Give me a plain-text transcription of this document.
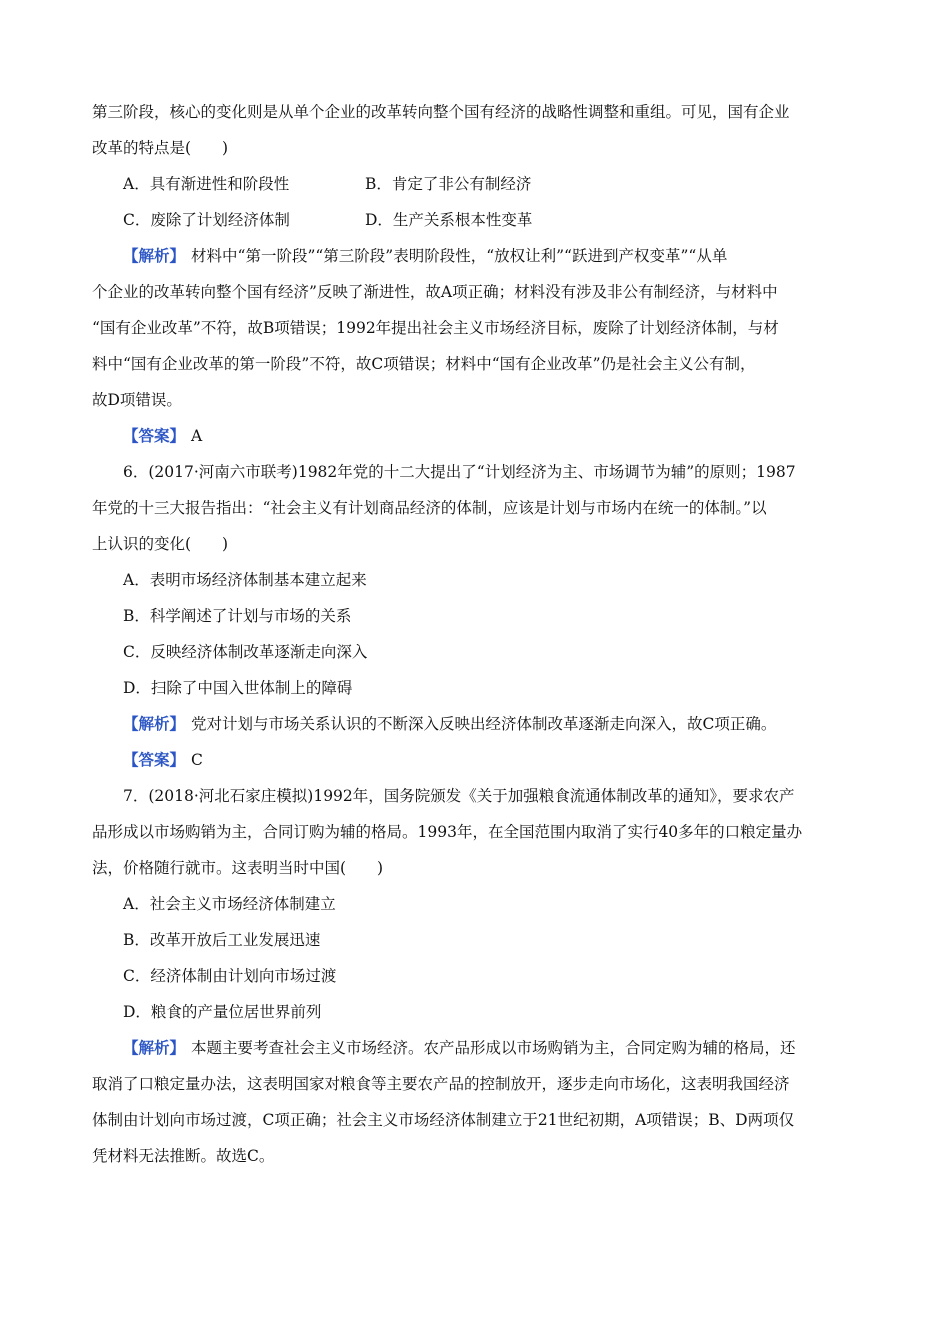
第三阶段，核心的变化则是从单个企业的改革转向整个国有经济的战略性调整和重组。可见，国有企业
改革的特点是(　　)
A．具有渐进性和阶段性	B．肯定了非公有制经济
C．废除了计划经济体制	D．生产关系根本性变革
【解析】 材料中“第一阶段”“第三阶段”表明阶段性，“放权让利”“跃进到产权变革”“从单
个企业的改革转向整个国有经济”反映了渐进性，故A项正确；材料没有涉及非公有制经济，与材料中
“国有企业改革”不符，故B项错误；1992年提出社会主义市场经济目标，废除了计划经济体制，与材
料中“国有企业改革的第一阶段”不符，故C项错误；材料中“国有企业改革”仍是社会主义公有制，
故D项错误。
【答案】 A
6．(2017·河南六市联考)1982年党的十二大提出了“计划经济为主、市场调节为辅”的原则；1987
年党的十三大报告指出：“社会主义有计划商品经济的体制，应该是计划与市场内在统一的体制。”以
上认识的变化(　　)
A．表明市场经济体制基本建立起来
B．科学阐述了计划与市场的关系
C．反映经济体制改革逐渐走向深入
D．扫除了中国入世体制上的障碍
【解析】 党对计划与市场关系认识的不断深入反映出经济体制改革逐渐走向深入，故C项正确。
【答案】 C
7．(2018·河北石家庄模拟)1992年，国务院颁发《关于加强粮食流通体制改革的通知》，要求农产
品形成以市场购销为主，合同订购为辅的格局。1993年，在全国范围内取消了实行40多年的口粮定量办
法，价格随行就市。这表明当时中国(　　)
A．社会主义市场经济体制建立
B．改革开放后工业发展迅速
C．经济体制由计划向市场过渡
D．粮食的产量位居世界前列
【解析】 本题主要考查社会主义市场经济。农产品形成以市场购销为主，合同定购为辅的格局，还
取消了口粮定量办法，这表明国家对粮食等主要农产品的控制放开，逐步走向市场化，这表明我国经济
体制由计划向市场过渡，C项正确；社会主义市场经济体制建立于21世纪初期，A项错误；B、D两项仅
凭材料无法推断。故选C。
